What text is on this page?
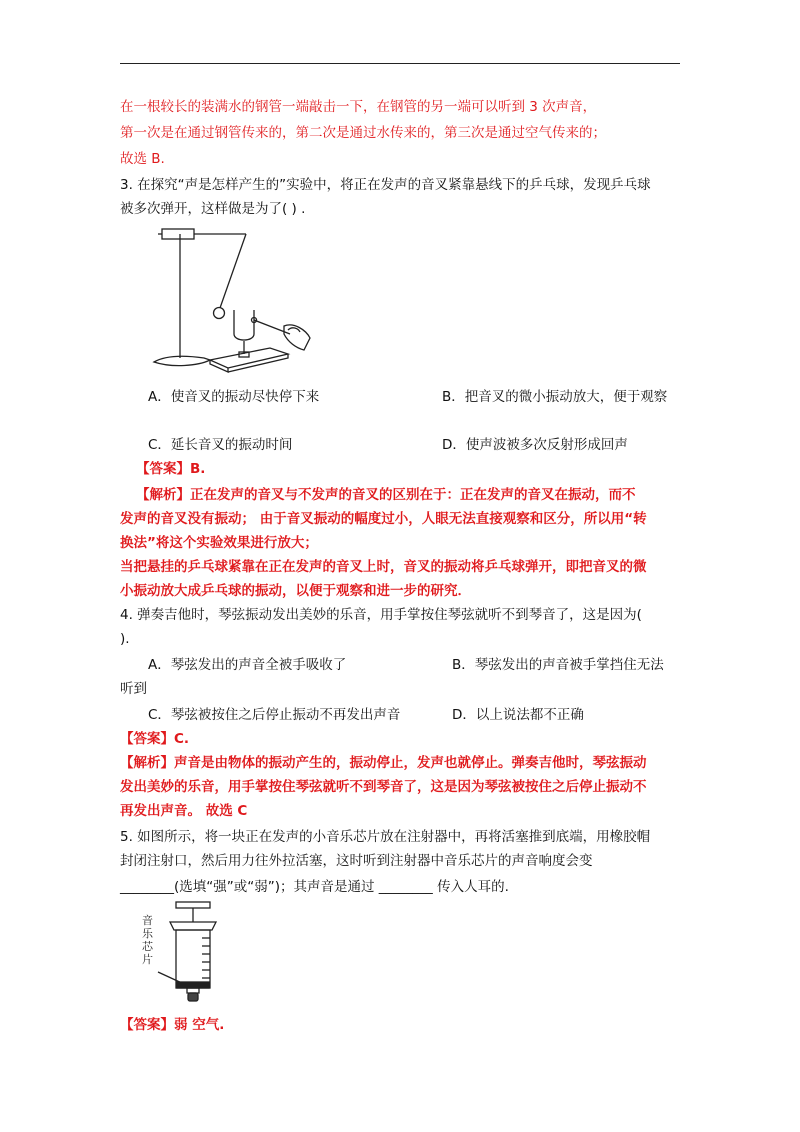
在一根较长的装满水的钢管一端敲击一下，在钢管的另一端可以听到 3 次声音，
第一次是在通过钢管传来的，第二次是通过水传来的，第三次是通过空气传来的；
故选 B.
3. 在探究“声是怎样产生的”实验中，将正在发声的音叉紧靠悬线下的乒乓球，发现乒乓球
被多次弹开，这样做是为了( ) .
A．使音叉的振动尽快停下来	B．把音叉的微小振动放大，便于观察
C．延长音叉的振动时间	D．使声波被多次反射形成回声
【答案】B.
【解析】正在发声的音叉与不发声的音叉的区别在于：正在发声的音叉在振动，而不
发声的音叉没有振动； 由于音叉振动的幅度过小，人眼无法直接观察和区分，所以用“转
换法”将这个实验效果进行放大；
当把悬挂的乒乓球紧靠在正在发声的音叉上时，音叉的振动将乒乓球弹开，即把音叉的微
小振动放大成乒乓球的振动，以便于观察和进一步的研究．
4. 弹奏吉他时，琴弦振动发出美妙的乐音，用手掌按住琴弦就听不到琴音了，这是因为(
).
A．琴弦发出的声音全被手吸收了	B．琴弦发出的声音被手掌挡住无法
听到
C．琴弦被按住之后停止振动不再发出声音	D．以上说法都不正确
【答案】C.
【解析】声音是由物体的振动产生的，振动停止，发声也就停止。弹奏吉他时，琴弦振动
发出美妙的乐音，用手掌按住琴弦就听不到琴音了，这是因为琴弦被按住之后停止振动不
再发出声音。 故选 C
5. 如图所示，将一块正在发声的小音乐芯片放在注射器中，再将活塞推到底端，用橡胶帽
封闭注射口，然后用力往外拉活塞，这时听到注射器中音乐芯片的声音响度会变
________(选填“强”或“弱”)；其声音是通过 ________ 传入人耳的.
音乐芯片
【答案】弱 空气.
